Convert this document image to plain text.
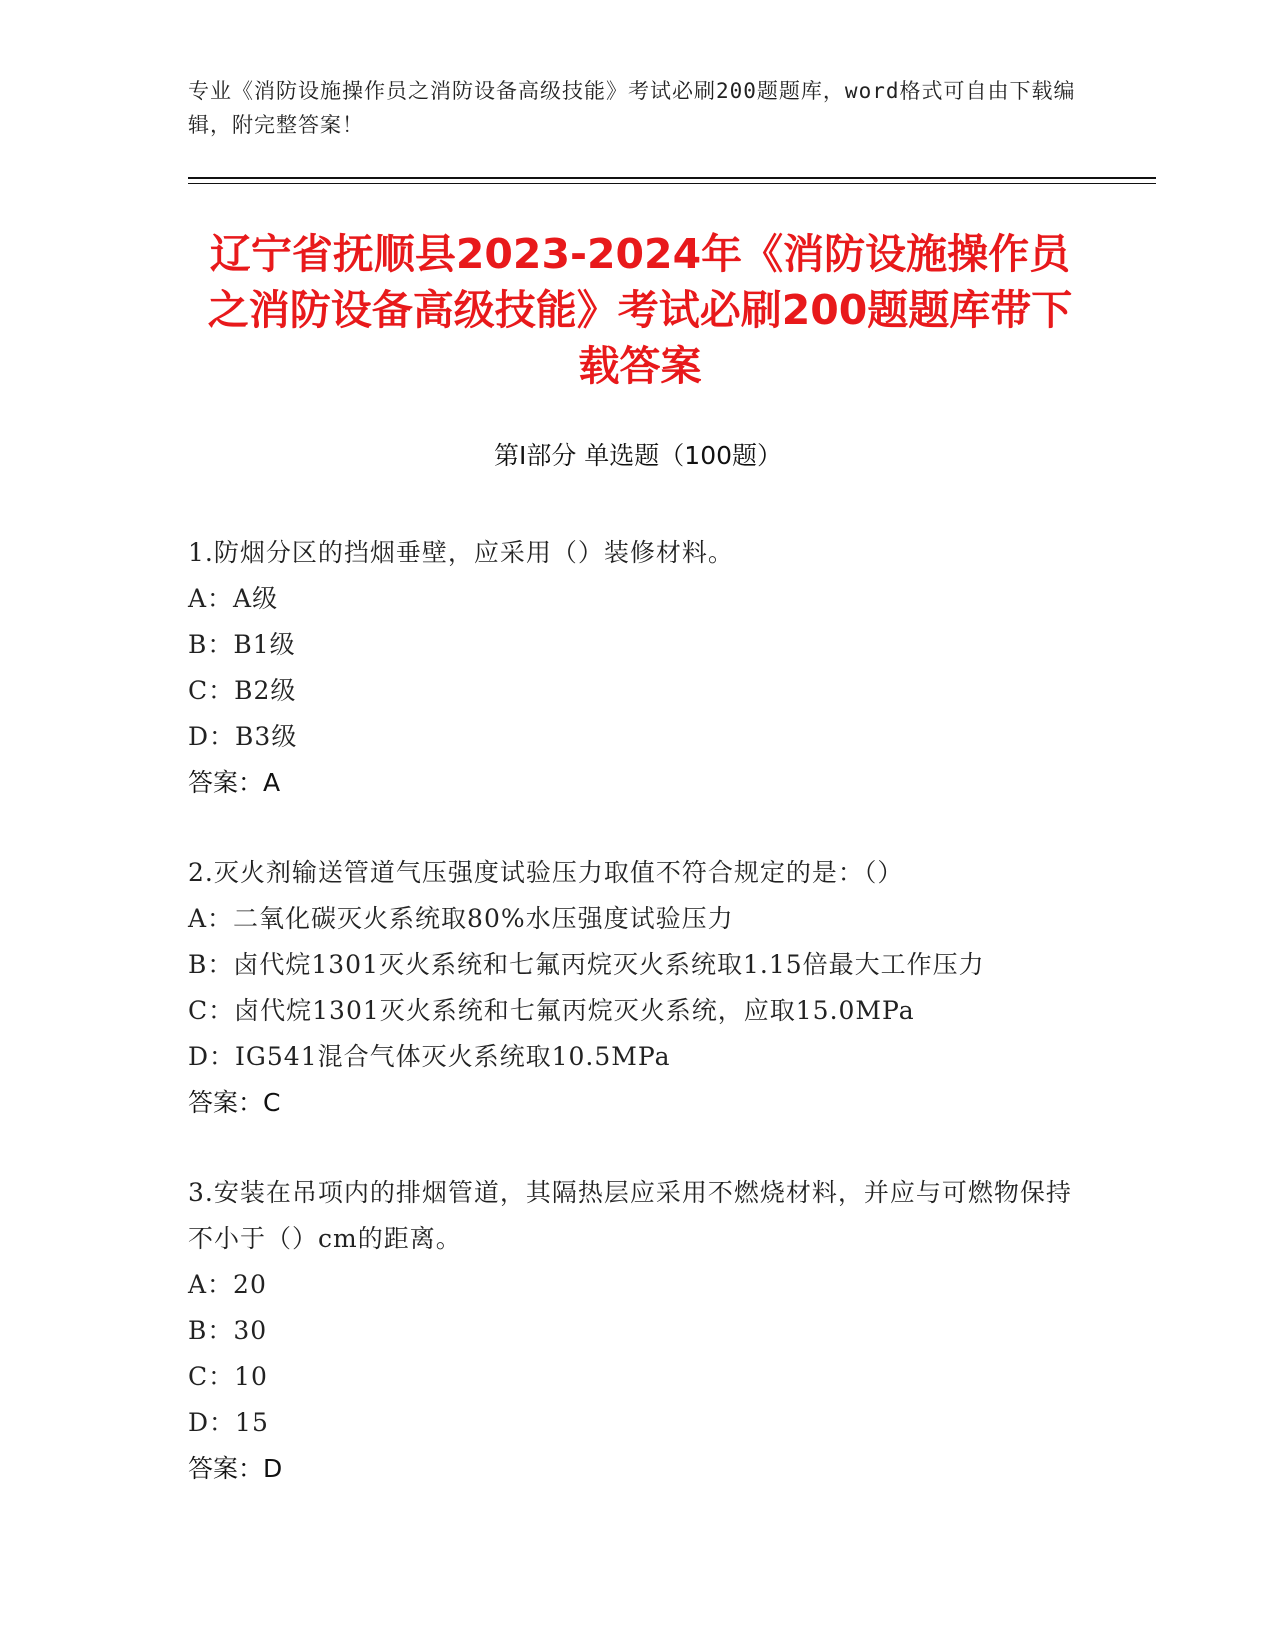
专业《消防设施操作员之消防设备高级技能》考试必刷200题题库，word格式可自由下载编辑，附完整答案！
辽宁省抚顺县2023-2024年《消防设施操作员之消防设备高级技能》考试必刷200题题库带下载答案
第I部分 单选题（100题）
1.防烟分区的挡烟垂壁，应采用（）装修材料。
A：A级
B：B1级
C：B2级
D：B3级
答案：A
2.灭火剂输送管道气压强度试验压力取值不符合规定的是：（）
A：二氧化碳灭火系统取80%水压强度试验压力
B：卤代烷1301灭火系统和七氟丙烷灭火系统取1.15倍最大工作压力
C：卤代烷1301灭火系统和七氟丙烷灭火系统，应取15.0MPa
D：IG541混合气体灭火系统取10.5MPa
答案：C
3.安装在吊项内的排烟管道，其隔热层应采用不燃烧材料，并应与可燃物保持不小于（）cm的距离。
A：20
B：30
C：10
D：15
答案：D
